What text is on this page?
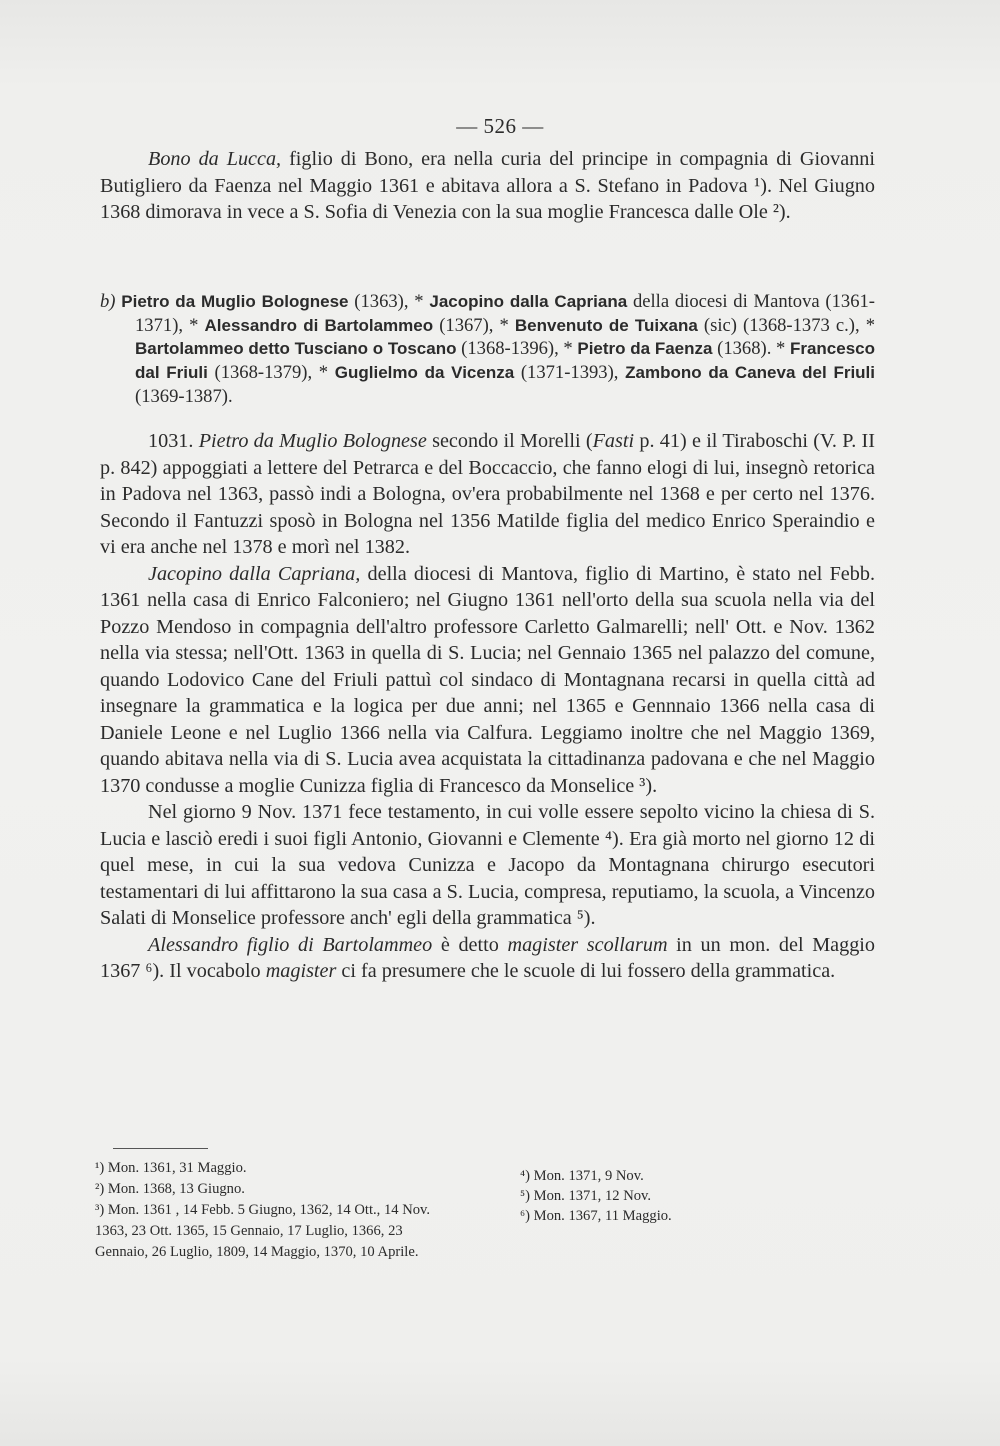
— 526 —

Bono da Lucca, figlio di Bono, era nella curia del principe in compagnia di Giovanni Butigliero da Faenza nel Maggio 1361 e abitava allora a S. Stefano in Padova ¹). Nel Giugno 1368 dimorava in vece a S. Sofia di Venezia con la sua moglie Francesca dalle Ole ²).

b) Pietro da Muglio Bolognese (1363), * Jacopino dalla Capriana della diocesi di Mantova (1361-1371), * Alessandro di Bartolammeo (1367), * Benvenuto de Tuixana (sic) (1368-1373 c.), * Bartolammeo detto Tusciano o Toscano (1368-1396), * Pietro da Faenza (1368). * Francesco dal Friuli (1368-1379), * Guglielmo da Vicenza (1371-1393), Zambono da Caneva del Friuli (1369-1387).

1031. Pietro da Muglio Bolognese secondo il Morelli (Fasti p. 41) e il Tiraboschi (V. P. II p. 842) appoggiati a lettere del Petrarca e del Boccaccio, che fanno elogi di lui, insegnò retorica in Padova nel 1363, passò indi a Bologna, ov'era probabilmente nel 1368 e per certo nel 1376. Secondo il Fantuzzi sposò in Bologna nel 1356 Matilde figlia del medico Enrico Speraindio e vi era anche nel 1378 e morì nel 1382.

Jacopino dalla Capriana, della diocesi di Mantova, figlio di Martino, è stato nel Febb. 1361 nella casa di Enrico Falconiero; nel Giugno 1361 nell'orto della sua scuola nella via del Pozzo Mendoso in compagnia dell'altro professore Carletto Galmarelli; nell' Ott. e Nov. 1362 nella via stessa; nell'Ott. 1363 in quella di S. Lucia; nel Gennaio 1365 nel palazzo del comune, quando Lodovico Cane del Friuli pattuì col sindaco di Montagnana recarsi in quella città ad insegnare la grammatica e la logica per due anni; nel 1365 e Gennnaio 1366 nella casa di Daniele Leone e nel Luglio 1366 nella via Calfura. Leggiamo inoltre che nel Maggio 1369, quando abitava nella via di S. Lucia avea acquistata la cittadinanza padovana e che nel Maggio 1370 condusse a moglie Cunizza figlia di Francesco da Monselice ³).

Nel giorno 9 Nov. 1371 fece testamento, in cui volle essere sepolto vicino la chiesa di S. Lucia e lasciò eredi i suoi figli Antonio, Giovanni e Clemente ⁴). Era già morto nel giorno 12 di quel mese, in cui la sua vedova Cunizza e Jacopo da Montagnana chirurgo esecutori testamentari di lui affittarono la sua casa a S. Lucia, compresa, reputiamo, la scuola, a Vincenzo Salati di Monselice professore anch' egli della grammatica ⁵).

Alessandro figlio di Bartolammeo è detto magister scollarum in un mon. del Maggio 1367 ⁶). Il vocabolo magister ci fa presumere che le scuole di lui fossero della grammatica.

¹) Mon. 1361, 31 Maggio.

²) Mon. 1368, 13 Giugno.

³) Mon. 1361 , 14 Febb. 5 Giugno, 1362, 14 Ott., 14 Nov. 1363, 23 Ott. 1365, 15 Gennaio, 17 Luglio, 1366, 23 Gennaio, 26 Luglio, 1809, 14 Maggio, 1370, 10 Aprile.

⁴) Mon. 1371, 9 Nov.

⁵) Mon. 1371, 12 Nov.

⁶) Mon. 1367, 11 Maggio.
